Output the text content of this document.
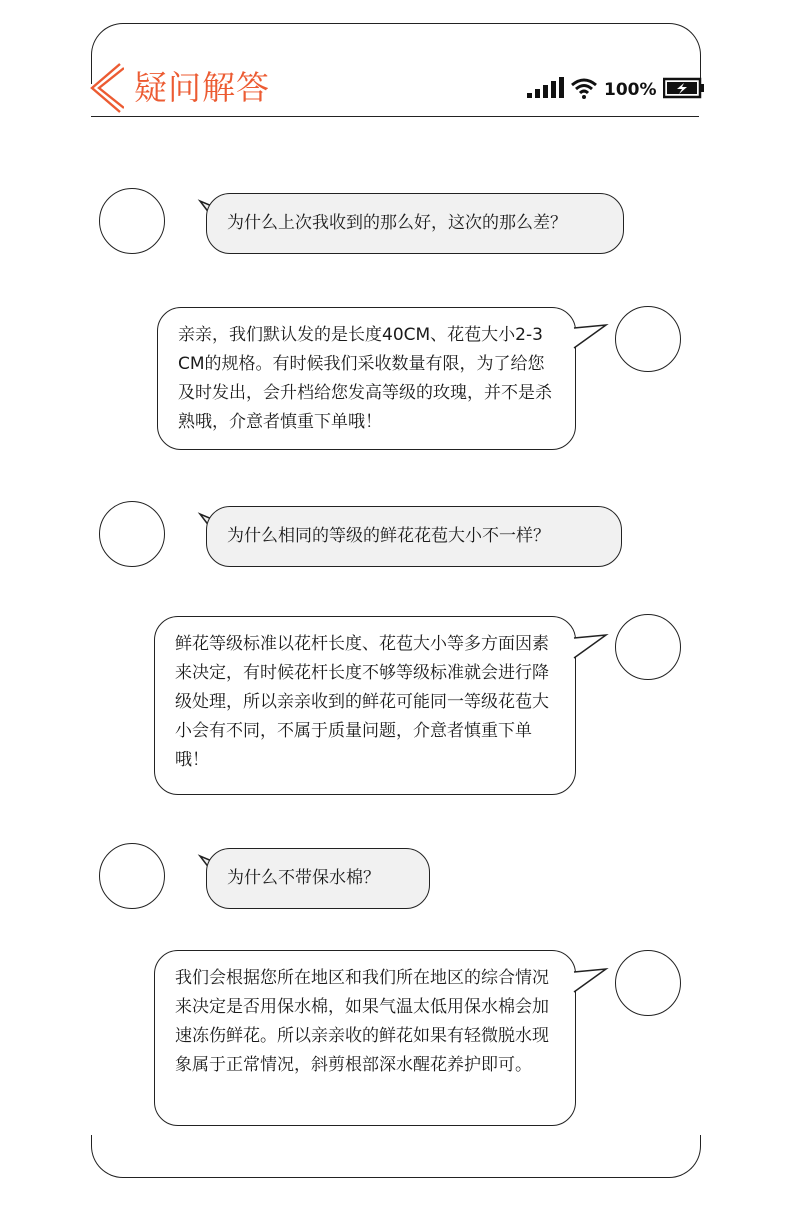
疑问解答	100%
为什么上次我收到的那么好，这次的那么差？
亲亲，我们默认发的是长度40CM、花苞大小2-3 CM的规格。有时候我们采收数量有限，为了给您及时发出，会升档给您发高等级的玫瑰，并不是杀熟哦，介意者慎重下单哦！
为什么相同的等级的鲜花花苞大小不一样？
鲜花等级标准以花杆长度、花苞大小等多方面因素来决定，有时候花杆长度不够等级标准就会进行降级处理，所以亲亲收到的鲜花可能同一等级花苞大小会有不同，不属于质量问题，介意者慎重下单哦！
为什么不带保水棉？
我们会根据您所在地区和我们所在地区的综合情况来决定是否用保水棉，如果气温太低用保水棉会加速冻伤鲜花。所以亲亲收的鲜花如果有轻微脱水现象属于正常情况，斜剪根部深水醒花养护即可。
